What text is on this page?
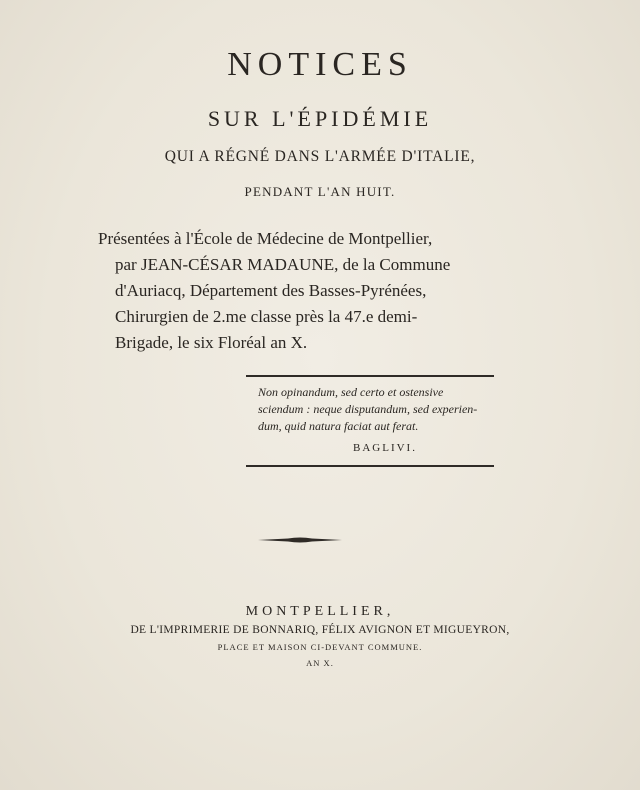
NOTICES
SUR L'ÉPIDÉMIE
QUI A RÉGNÉ DANS L'ARMÉE D'ITALIE,
PENDANT L'AN HUIT.
Présentées à l'École de Médecine de Montpellier,
par JEAN-CÉSAR MADAUNE, de la Commune
d'Auriacq, Département des Basses-Pyrénées,
Chirurgien de 2.me classe près la 47.e demi-
Brigade, le six Floréal an X.
Non opinandum, sed certo et ostensive
sciendum : neque disputandum, sed experien-
dum, quid natura faciat aut ferat.
BAGLIVI.
MONTPELLIER,
DE L'IMPRIMERIE DE BONNARIQ, FÉLIX AVIGNON ET MIGUEYRON,
PLACE ET MAISON CI-DEVANT COMMUNE.
AN X.
